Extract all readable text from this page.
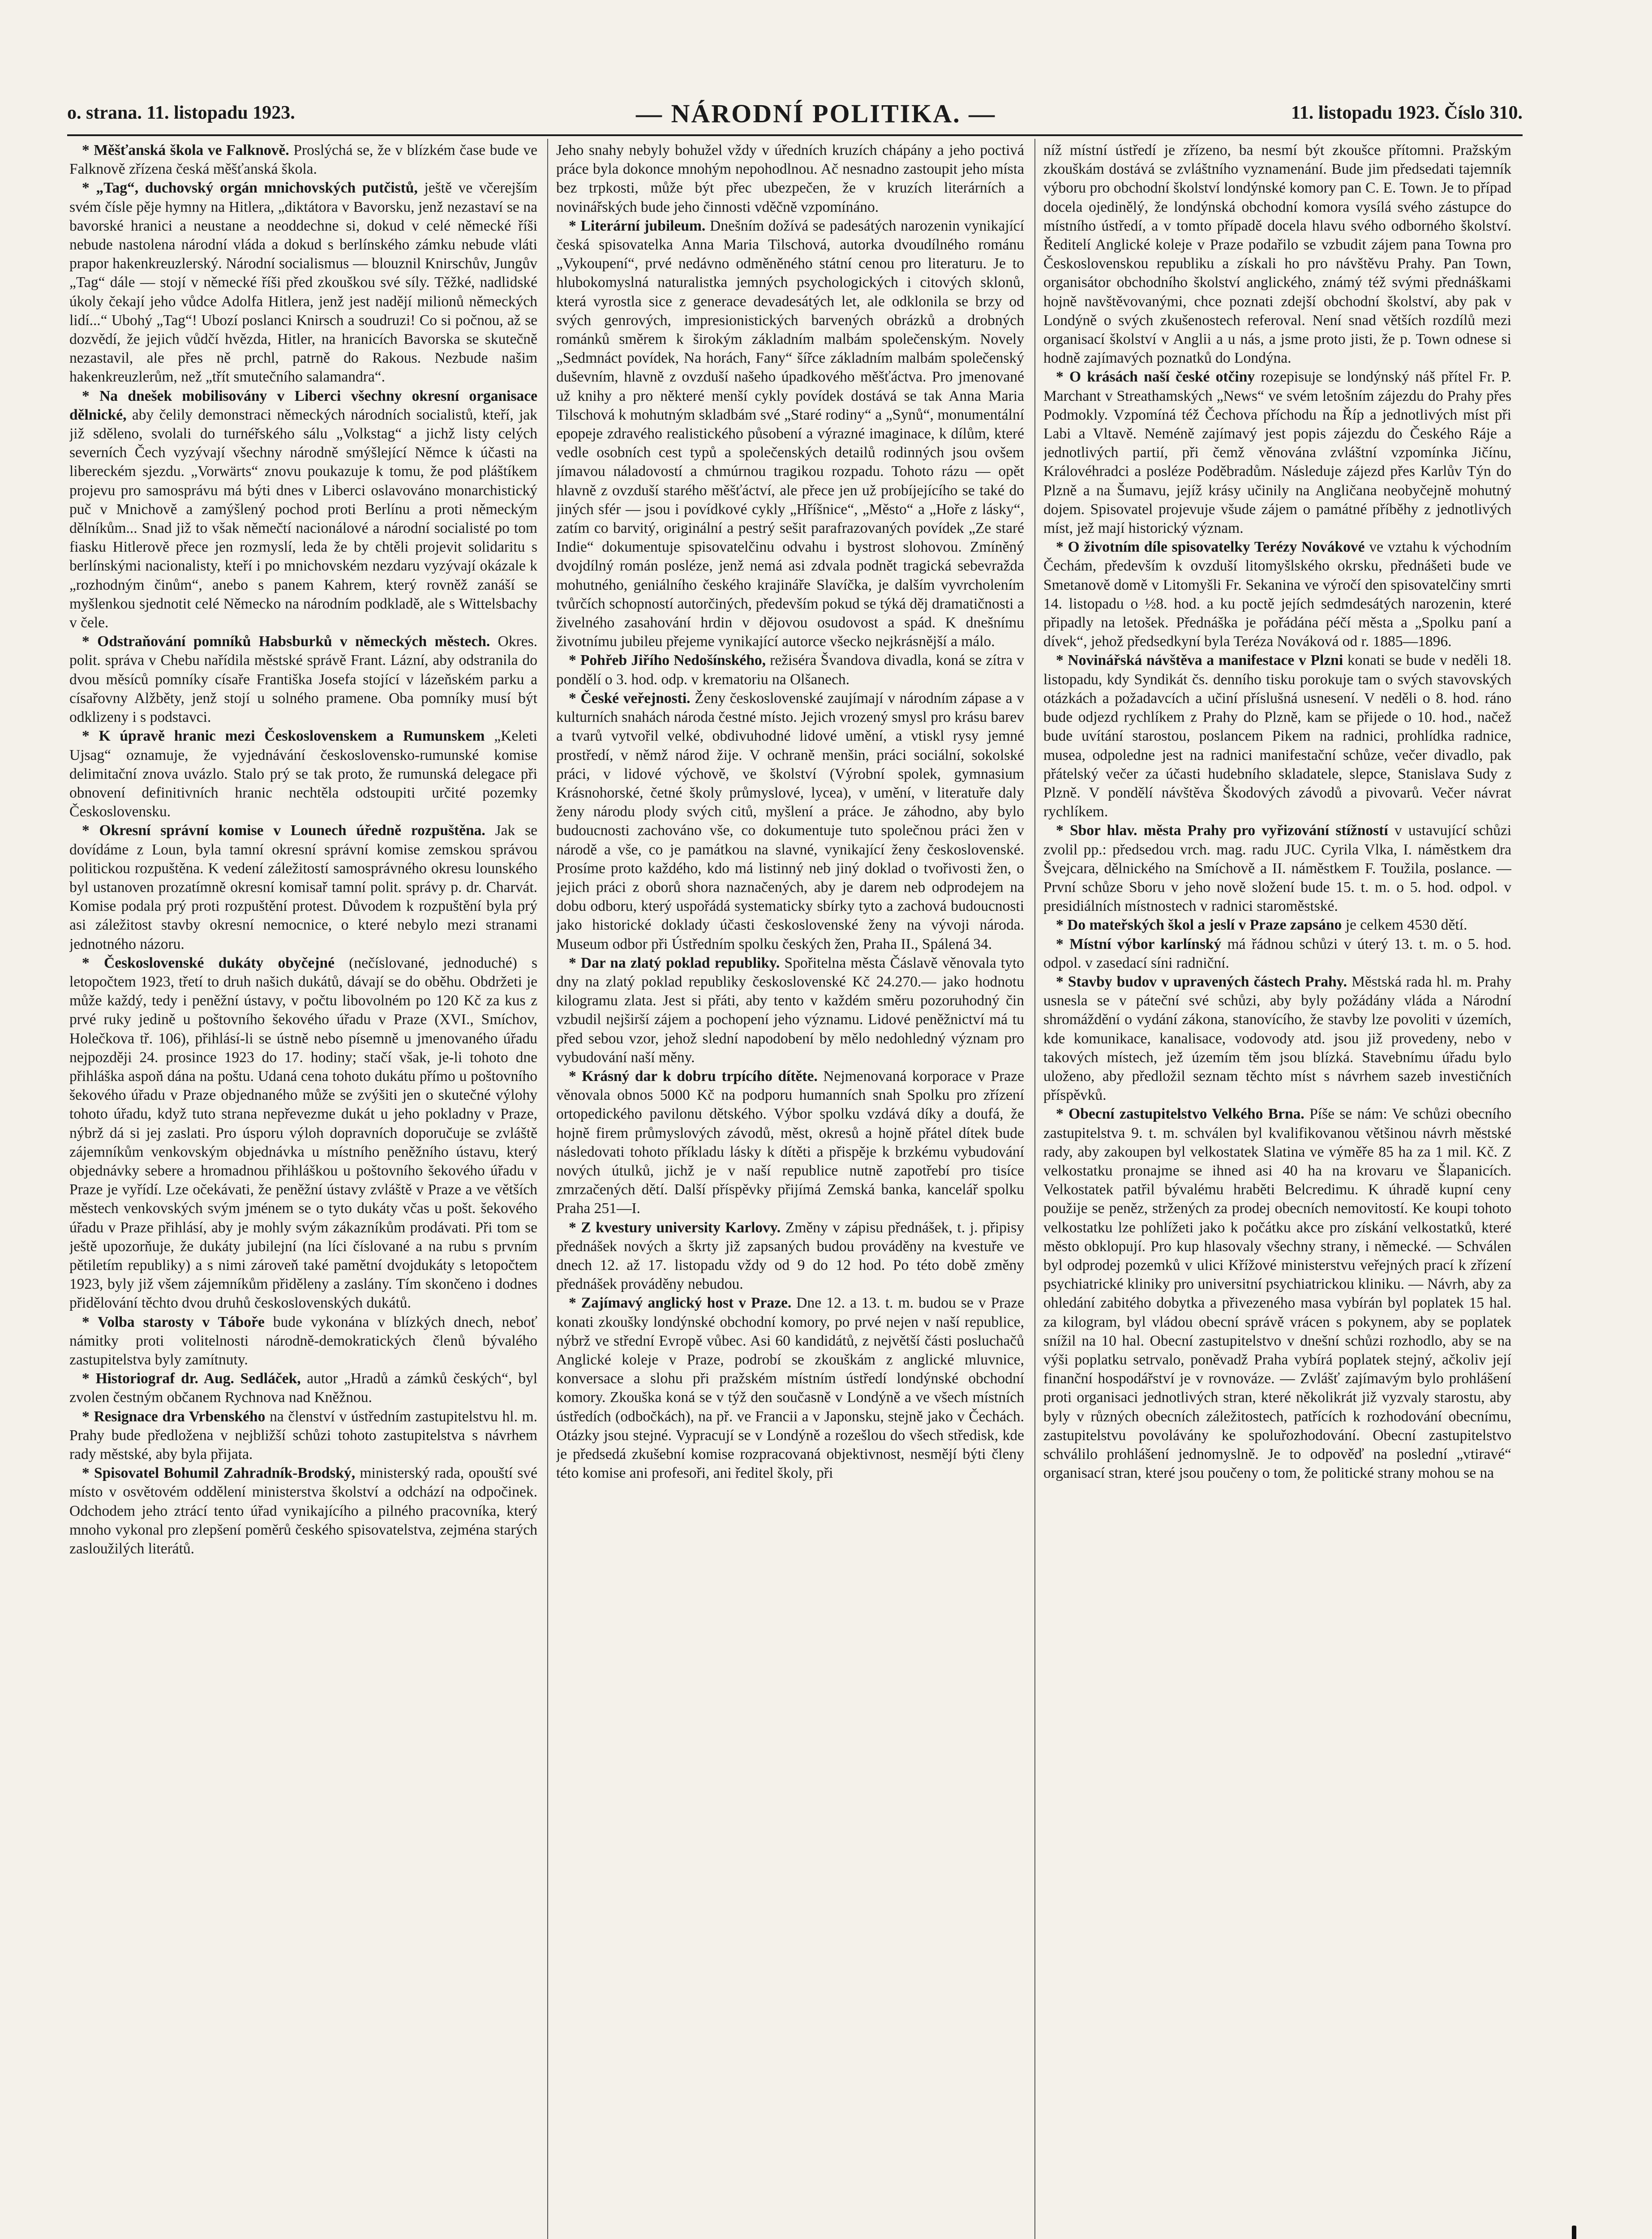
o. strana. 11. listopadu 1923.	— NÁRODNÍ POLITIKA. —	11. listopadu 1923. Číslo 310.

* Měšťanská škola ve Falknově. Proslýchá se, že v blízkém čase bude ve Falknově zřízena česká měšťanská škola.

* „Tag“, duchovský orgán mnichovských putčistů, ještě ve včerejším svém čísle pěje hymny na Hitlera, „diktátora v Bavorsku, jenž nezastaví se na bavorské hranici a neustane a neoddechne si, dokud v celé německé říši nebude nastolena národní vláda a dokud s berlínského zámku nebude vláti prapor hakenkreuzlerský. Národní socialismus — blouznil Knirschův, Jungův „Tag“ dále — stojí v německé říši před zkouškou své síly. Těžké, nadlidské úkoly čekají jeho vůdce Adolfa Hitlera, jenž jest nadějí milionů německých lidí...“ Ubohý „Tag“! Ubozí poslanci Knirsch a soudruzi! Co si počnou, až se dozvědí, že jejich vůdčí hvězda, Hitler, na hranicích Bavorska se skutečně nezastavil, ale přes ně prchl, patrně do Rakous. Nezbude našim hakenkreuzlerům, než „třít smutečního salamandra“.

* Na dnešek mobilisovány v Liberci všechny okresní organisace dělnické, aby čelily demonstraci německých národních socialistů, kteří, jak již sděleno, svolali do turnéřského sálu „Volkstag“ a jichž listy celých severních Čech vyzývají všechny národně smýšlející Němce k účasti na libereckém sjezdu. „Vorwärts“ znovu poukazuje k tomu, že pod pláštíkem projevu pro samosprávu má býti dnes v Liberci oslavováno monarchistický puč v Mnichově a zamýšlený pochod proti Berlínu a proti německým dělníkům... Snad již to však němečtí nacionálové a národní socialisté po tom fiasku Hitlerově přece jen rozmyslí, leda že by chtěli projevit solidaritu s berlínskými nacionalisty, kteří i po mnichovském nezdaru vyzývají okázale k „rozhodným činům“, anebo s panem Kahrem, který rovněž zanáší se myšlenkou sjednotit celé Německo na národním podkladě, ale s Wittelsbachy v čele.

* Odstraňování pomníků Habsburků v německých městech. Okres. polit. správa v Chebu nařídila městské správě Frant. Lázní, aby odstranila do dvou měsíců pomníky císaře Františka Josefa stojící v lázeňském parku a císařovny Alžběty, jenž stojí u solného pramene. Oba pomníky musí být odklizeny i s podstavci.

* K úpravě hranic mezi Československem a Rumunskem „Keleti Ujsag“ oznamuje, že vyjednávání československo-rumunské komise delimitační znova uvázlo. Stalo prý se tak proto, že rumunská delegace při obnovení definitivních hranic nechtěla odstoupiti určité pozemky Československu.

* Okresní správní komise v Lounech úředně rozpuštěna. Jak se dovídáme z Loun, byla tamní okresní správní komise zemskou správou politickou rozpuštěna. K vedení záležitostí samosprávného okresu lounského byl ustanoven prozatímně okresní komisař tamní polit. správy p. dr. Charvát. Komise podala prý proti rozpuštění protest. Důvodem k rozpuštění byla prý asi záležitost stavby okresní nemocnice, o které nebylo mezi stranami jednotného názoru.

* Československé dukáty obyčejné (nečíslované, jednoduché) s letopočtem 1923, třetí to druh našich dukátů, dávají se do oběhu. Obdržeti je může každý, tedy i peněžní ústavy, v počtu libovolném po 120 Kč za kus z prvé ruky jedině u poštovního šekového úřadu v Praze (XVI., Smíchov, Holečkova tř. 106), přihlásí-li se ústně nebo písemně u jmenovaného úřadu nejpozději 24. prosince 1923 do 17. hodiny; stačí však, je-li tohoto dne přihláška aspoň dána na poštu. Udaná cena tohoto dukátu přímo u poštovního šekového úřadu v Praze objednaného může se zvýšiti jen o skutečné výlohy tohoto úřadu, když tuto strana nepřevezme dukát u jeho pokladny v Praze, nýbrž dá si jej zaslati. Pro úsporu výloh dopravních doporučuje se zvláště zájemníkům venkovským objednávka u místního peněžního ústavu, který objednávky sebere a hromadnou přihláškou u poštovního šekového úřadu v Praze je vyřídí. Lze očekávati, že peněžní ústavy zvláště v Praze a ve větších městech venkovských svým jménem se o tyto dukáty včas u pošt. šekového úřadu v Praze přihlásí, aby je mohly svým zákazníkům prodávati. Při tom se ještě upozorňuje, že dukáty jubilejní (na líci číslované a na rubu s prvním pětiletím republiky) a s nimi zároveň také pamětní dvojdukáty s letopočtem 1923, byly již všem zájemníkům přiděleny a zaslány. Tím skončeno i dodnes přidělování těchto dvou druhů československých dukátů.

* Volba starosty v Táboře bude vykonána v blízkých dnech, neboť námitky proti volitelnosti národně-demokratických členů bývalého zastupitelstva byly zamítnuty.

* Historiograf dr. Aug. Sedláček, autor „Hradů a zámků českých“, byl zvolen čestným občanem Rychnova nad Kněžnou.

* Resignace dra Vrbenského na členství v ústředním zastupitelstvu hl. m. Prahy bude předložena v nejbližší schůzi tohoto zastupitelstva s návrhem rady městské, aby byla přijata.

* Spisovatel Bohumil Zahradník-Brodský, ministerský rada, opouští své místo v osvětovém oddělení ministerstva školství a odchází na odpočinek. Odchodem jeho ztrácí tento úřad vynikajícího a pilného pracovníka, který mnoho vykonal pro zlepšení poměrů českého spisovatelstva, zejména starých zasloužilých literátů.

Jeho snahy nebyly bohužel vždy v úředních kruzích chápány a jeho poctivá práce byla dokonce mnohým nepohodlnou. Ač nesnadno zastoupit jeho místa bez trpkosti, může být přec ubezpečen, že v kruzích literárních a novinářských bude jeho činnosti vděčně vzpomínáno.

* Literární jubileum. Dnešním dožívá se padesátých narozenin vynikající česká spisovatelka Anna Maria Tilschová, autorka dvoudílného románu „Vykoupení“, prvé nedávno odměněného státní cenou pro literaturu. Je to hlubokomyslná naturalistka jemných psychologických i citových sklonů, která vyrostla sice z generace devadesátých let, ale odklonila se brzy od svých genrových, impresionistických barvených obrázků a drobných románků směrem k širokým základním malbám společenským. Novely „Sedmnáct povídek, Na horách, Fany“ šířce základním malbám společenský duševním, hlavně z ovzduší našeho úpadkového měšťáctva. Pro jmenované už knihy a pro některé menší cykly povídek dostává se tak Anna Maria Tilschová k mohutným skladbám své „Staré rodiny“ a „Synů“, monumentální epopeje zdravého realistického působení a výrazné imaginace, k dílům, které vedle osobních cest typů a společenských detailů rodinných jsou ovšem jímavou náladovostí a chmúrnou tragikou rozpadu. Tohoto rázu — opět hlavně z ovzduší starého měšťáctví, ale přece jen už probíjejícího se také do jiných sfér — jsou i povídkové cykly „Hříšnice“, „Město“ a „Hoře z lásky“, zatím co barvitý, originální a pestrý sešit parafrazovaných povídek „Ze staré Indie“ dokumentuje spisovatelčinu odvahu i bystrost slohovou. Zmíněný dvojdílný román posléze, jenž nemá asi zdvala podnět tragická sebevražda mohutného, geniálního českého krajináře Slavíčka, je dalším vyvrcholením tvůrčích schopností autorčiných, především pokud se týká děj dramatičnosti a živelného zasahování hrdin v dějovou osudovost a spád. K dnešnímu životnímu jubileu přejeme vynikající autorce všecko nejkrásnější a málo.

* Pohřeb Jiřího Nedošínského, režiséra Švandova divadla, koná se zítra v pondělí o 3. hod. odp. v krematoriu na Olšanech.

* České veřejnosti. Ženy československé zaujímají v národním zápase a v kulturních snahách národa čestné místo. Jejich vrozený smysl pro krásu barev a tvarů vytvořil velké, obdivuhodné lidové umění, a vtiskl rysy jemné prostředí, v němž národ žije. V ochraně menšin, práci sociální, sokolské práci, v lidové výchově, ve školství (Výrobní spolek, gymnasium Krásnohorské, četné školy průmyslové, lycea), v umění, v literatuře daly ženy národu plody svých citů, myšlení a práce. Je záhodno, aby bylo budoucnosti zachováno vše, co dokumentuje tuto společnou práci žen v národě a vše, co je památkou na slavné, vynikající ženy československé. Prosíme proto každého, kdo má listinný neb jiný doklad o tvořivosti žen, o jejich práci z oborů shora naznačených, aby je darem neb odprodejem na dobu odboru, který uspořádá systematicky sbírky tyto a zachová budoucnosti jako historické doklady účasti československé ženy na vývoji národa. Museum odbor při Ústředním spolku českých žen, Praha II., Spálená 34.

* Dar na zlatý poklad republiky. Spořitelna města Čáslavě věnovala tyto dny na zlatý poklad republiky československé Kč 24.270.— jako hodnotu kilogramu zlata. Jest si přáti, aby tento v každém směru pozoruhodný čin vzbudil nejširší zájem a pochopení jeho významu. Lidové peněžnictví má tu před sebou vzor, jehož slední napodobení by mělo nedohledný význam pro vybudování naší měny.

* Krásný dar k dobru trpícího dítěte. Nejmenovaná korporace v Praze věnovala obnos 5000 Kč na podporu humanních snah Spolku pro zřízení ortopedického pavilonu dětského. Výbor spolku vzdává díky a doufá, že hojně firem průmyslových závodů, měst, okresů a hojně přátel dítek bude následovati tohoto příkladu lásky k dítěti a přispěje k brzkému vybudování nových útulků, jichž je v naší republice nutně zapotřebí pro tisíce zmrzačených dětí. Další příspěvky přijímá Zemská banka, kancelář spolku Praha 251—I.

* Z kvestury university Karlovy. Změny v zápisu přednášek, t. j. připisy přednášek nových a škrty již zapsaných budou prováděny na kvestuře ve dnech 12. až 17. listopadu vždy od 9 do 12 hod. Po této době změny přednášek prováděny nebudou.

* Zajímavý anglický host v Praze. Dne 12. a 13. t. m. budou se v Praze konati zkoušky londýnské obchodní komory, po prvé nejen v naší republice, nýbrž ve střední Evropě vůbec. Asi 60 kandidátů, z největší části posluchačů Anglické koleje v Praze, podrobí se zkouškám z anglické mluvnice, konversace a slohu při pražském místním ústředí londýnské obchodní komory. Zkouška koná se v týž den současně v Londýně a ve všech místních ústředích (odbočkách), na př. ve Francii a v Japonsku, stejně jako v Čechách. Otázky jsou stejné. Vypracují se v Londýně a rozešlou do všech středisk, kde je předsedá zkušební komise rozpracovaná objektivnost, nesmějí býti členy této komise ani profesoři, ani ředitel školy, při

níž místní ústředí je zřízeno, ba nesmí být zkoušce přítomni. Pražským zkouškám dostává se zvláštního vyznamenání. Bude jim předsedati tajemník výboru pro obchodní školství londýnské komory pan C. E. Town. Je to případ docela ojedinělý, že londýnská obchodní komora vysílá svého zástupce do místního ústředí, a v tomto případě docela hlavu svého odborného školství. Ředitelí Anglické koleje v Praze podařilo se vzbudit zájem pana Towna pro Československou republiku a získali ho pro návštěvu Prahy. Pan Town, organisátor obchodního školství anglického, známý též svými přednáškami hojně navštěvovanými, chce poznati zdejší obchodní školství, aby pak v Londýně o svých zkušenostech referoval. Není snad větších rozdílů mezi organisací školství v Anglii a u nás, a jsme proto jisti, že p. Town odnese si hodně zajímavých poznatků do Londýna.

* O krásách naší české otčiny rozepisuje se londýnský náš přítel Fr. P. Marchant v Streathamských „News“ ve svém letošním zájezdu do Prahy přes Podmokly. Vzpomíná též Čechova příchodu na Říp a jednotlivých míst při Labi a Vltavě. Neméně zajímavý jest popis zájezdu do Českého Ráje a jednotlivých partií, při čemž věnována zvláštní vzpomínka Jičínu, Královéhradci a posléze Poděbradům. Následuje zájezd přes Karlův Týn do Plzně a na Šumavu, jejíž krásy učinily na Angličana neobyčejně mohutný dojem. Spisovatel projevuje všude zájem o památné příběhy z jednotlivých míst, jež mají historický význam.

* O životním díle spisovatelky Terézy Novákové ve vztahu k východním Čechám, především k ovzduší litomyšlského okrsku, přednášeti bude ve Smetanově domě v Litomyšli Fr. Sekanina ve výročí den spisovatelčiny smrti 14. listopadu o ½8. hod. a ku poctě jejích sedmdesátých narozenin, které připadly na letošek. Přednáška je pořádána péčí města a „Spolku paní a dívek“, jehož předsedkyní byla Teréza Nováková od r. 1885—1896.

* Novinářská návštěva a manifestace v Plzni konati se bude v neděli 18. listopadu, kdy Syndikát čs. denního tisku porokuje tam o svých stavovských otázkách a požadavcích a učiní příslušná usnesení. V neděli o 8. hod. ráno bude odjezd rychlíkem z Prahy do Plzně, kam se přijede o 10. hod., načež bude uvítání starostou, poslancem Pikem na radnici, prohlídka radnice, musea, odpoledne jest na radnici manifestační schůze, večer divadlo, pak přátelský večer za účasti hudebního skladatele, slepce, Stanislava Sudy z Plzně. V pondělí návštěva Škodových závodů a pivovarů. Večer návrat rychlíkem.

* Sbor hlav. města Prahy pro vyřizování stížností v ustavující schůzi zvolil pp.: předsedou vrch. mag. radu JUC. Cyrila Vlka, I. náměstkem dra Švejcara, dělnického na Smíchově a II. náměstkem F. Toužila, poslance. — První schůze Sboru v jeho nově složení bude 15. t. m. o 5. hod. odpol. v presidiálních místnostech v radnici staroměstské.

* Do mateřských škol a jeslí v Praze zapsáno je celkem 4530 dětí.

* Místní výbor karlínský má řádnou schůzi v úterý 13. t. m. o 5. hod. odpol. v zasedací síni radniční.

* Stavby budov v upravených částech Prahy. Městská rada hl. m. Prahy usnesla se v páteční své schůzi, aby byly požádány vláda a Národní shromáždění o vydání zákona, stanovícího, že stavby lze povoliti v územích, kde komunikace, kanalisace, vodovody atd. jsou již provedeny, nebo v takových místech, jež územím těm jsou blízká. Stavebnímu úřadu bylo uloženo, aby předložil seznam těchto míst s návrhem sazeb investičních příspěvků.

* Obecní zastupitelstvo Velkého Brna. Píše se nám: Ve schůzi obecního zastupitelstva 9. t. m. schválen byl kvalifikovanou většinou návrh městské rady, aby zakoupen byl velkostatek Slatina ve výměře 85 ha za 1 mil. Kč. Z velkostatku pronajme se ihned asi 40 ha na krovaru ve Šlapanicích. Velkostatek patřil bývalému hraběti Belcredimu. K úhradě kupní ceny použije se peněz, stržených za prodej obecních nemovitostí. Ke koupi tohoto velkostatku lze pohlížeti jako k počátku akce pro získání velkostatků, které město obklopují. Pro kup hlasovaly všechny strany, i německé. — Schválen byl odprodej pozemků v ulici Křížové ministerstvu veřejných prací k zřízení psychiatrické kliniky pro universitní psychiatrickou kliniku. — Návrh, aby za ohledání zabitého dobytka a přivezeného masa vybírán byl poplatek 15 hal. za kilogram, byl vládou obecní správě vrácen s pokynem, aby se poplatek snížil na 10 hal. Obecní zastupitelstvo v dnešní schůzi rozhodlo, aby se na výši poplatku setrvalo, poněvadž Praha vybírá poplatek stejný, ačkoliv její finanční hospodářství je v rovnováze. — Zvlášť zajímavým bylo prohlášení proti organisaci jednotlivých stran, které několikrát již vyzvaly starostu, aby byly v různých obecních záležitostech, patřících k rozhodování obecnímu, zastupitelstvu povolávány ke spoluřozhodování. Obecní zastupitelstvo schválilo prohlášení jednomyslně. Je to odpověď na poslední „vtiravé“ organisací stran, které jsou poučeny o tom, že politické strany mohou se na
